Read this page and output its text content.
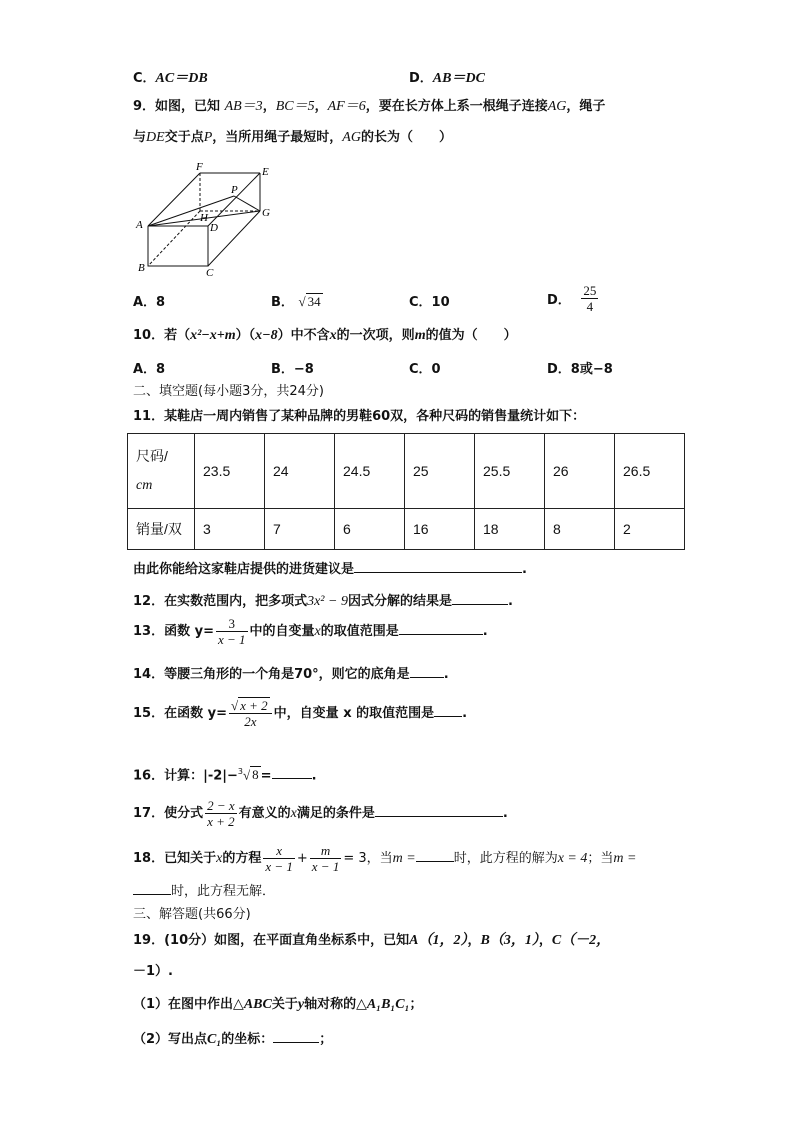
C．AC＝DB	D．AB＝DC
9．如图，已知 AB＝3，BC＝5，AF＝6，要在长方体上系一根绳子连接AG，绳子
与DE交于点P，当所用绳子最短时，AG的长为（　　）
F	E
P
A
H	G
D
B	C
A．8	B． √ 34	C．10	D． $\frac{25}{4}$
10．若（x²−x+m）（x−8）中不含x的一次项，则m的值为（　　）
A．8	B．−8	C．0	D．8或−8
二、填空题(每小题3分，共24分)
11．某鞋店一周内销售了某种品牌的男鞋60双，各种尺码的销售量统计如下：
尺码/
cm	23.5	24	24.5	25	25.5	26	26.5
销量/双	3	7	6	16	18	8	2
由此你能给这家鞋店提供的进货建议是	.
12．在实数范围内，把多项式3x² − 9因式分解的结果是	.
13．函数 $y= \frac{3}{x - 1}$ 中的自变量x的取值范围是	.
14．等腰三角形的一个角是70°，则它的底角是	.
15．在函数 $y= \frac{√ x + 2}{2x}$ 中，自变量 x 的取值范围是 .
16．计算：|-2|−$^3$√ 8 =	.
17．使分式 $\frac{2 - x}{x + 2}$ 有意义的x满足的条件是	.
18．已知关于x的方程 $\frac{x}{x - 1} + \frac{m}{x - 1} = 3$，当m =	时，此方程的解为x = 4；当m =
时，此方程无解．
三、解答题(共66分)
19．(10分）如图，在平面直角坐标系中，已知A（1，2），B（3，1），C（－2，
－1）.
（1）在图中作出△ABC关于y轴对称的△A₁B₁C₁；
（2）写出点C₁的坐标：	；
